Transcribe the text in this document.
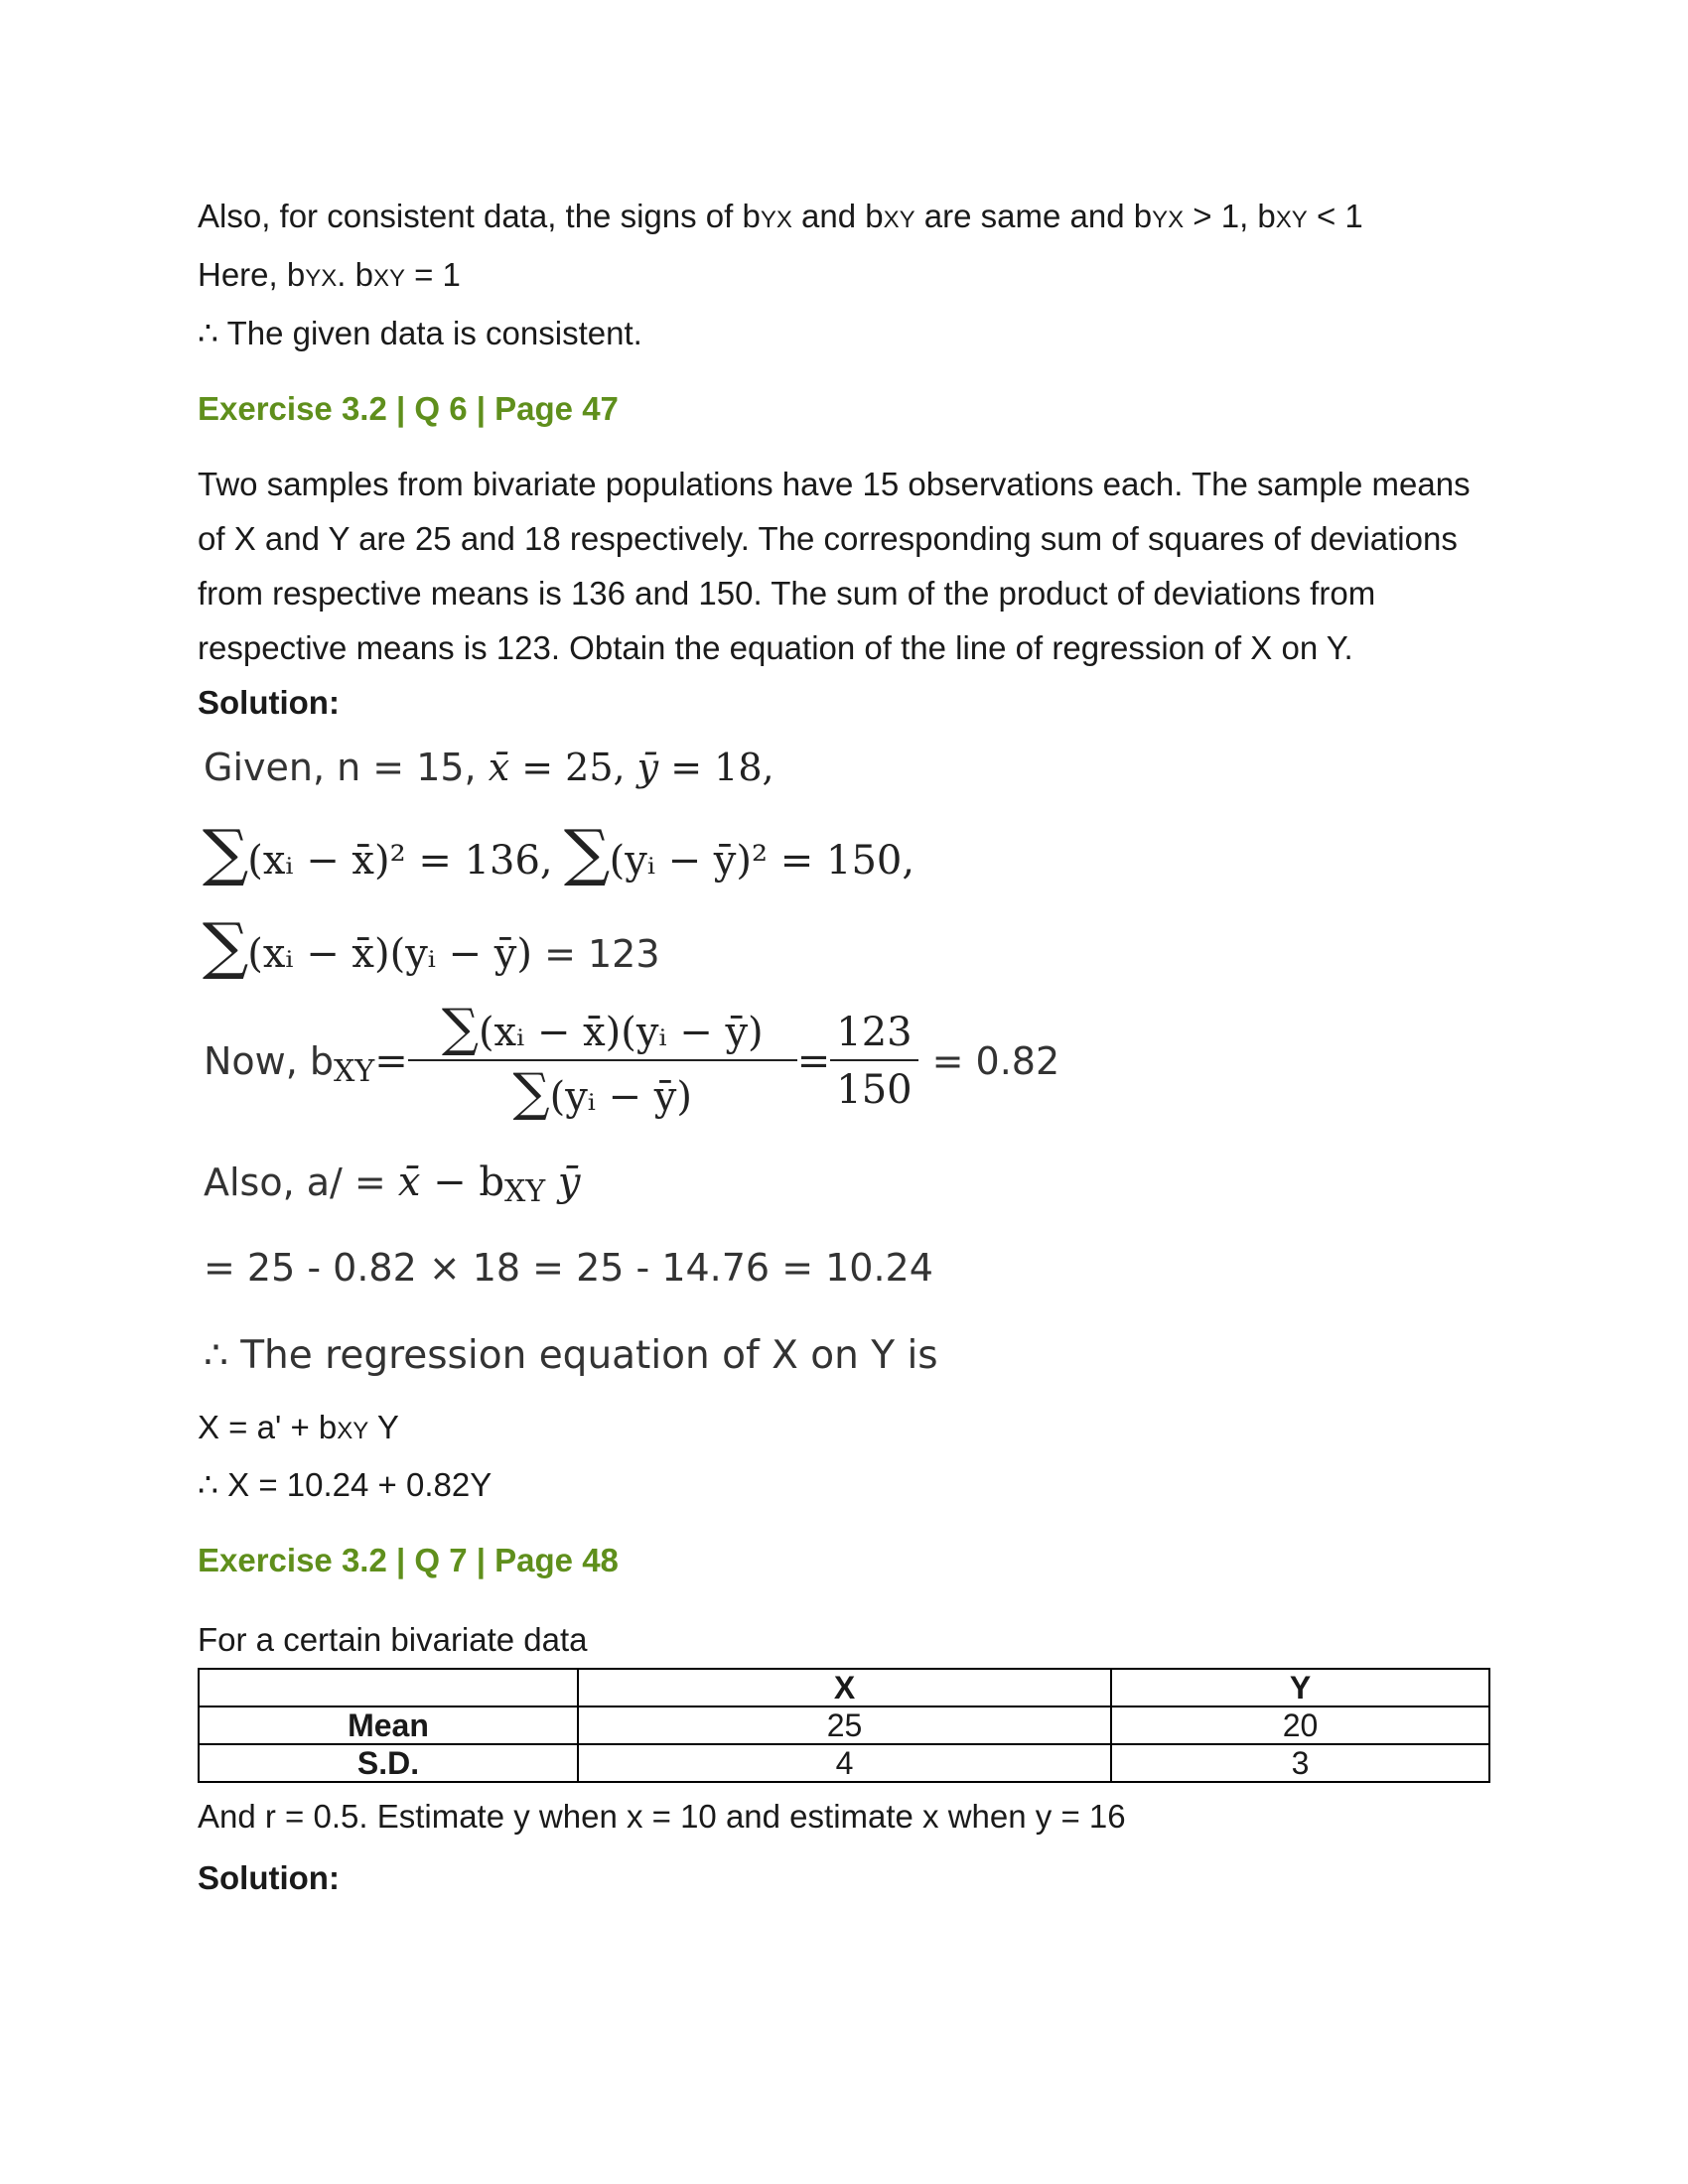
Also, for consistent data, the signs of bYX and bXY are same and bYX > 1, bXY < 1
Here, bYX. bXY = 1
∴ The given data is consistent.
Exercise 3.2 | Q 6 | Page 47
Two samples from bivariate populations have 15 observations each. The sample means
of X and Y are 25 and 18 respectively. The corresponding sum of squares of deviations
from respective means is 136 and 150. The sum of the product of deviations from
respective means is 123. Obtain the equation of the line of regression of X on Y.
Solution:
Given, n = 15, x̄ = 25, ȳ = 18,
∑(xᵢ − x̄)² = 136, ∑(yᵢ − ȳ)² = 150,
∑(xᵢ − x̄)(yᵢ − ȳ) = 123
Now, b XY = $\frac{\text{∑(xᵢ − x̄)(yᵢ − ȳ)}}{\text{∑(yᵢ − ȳ)}} = \frac{123}{150} = 0.82$
Also, a/ = x̄ − bXY ȳ
= 25 - 0.82 × 18 = 25 - 14.76 = 10.24
∴ The regression equation of X on Y is
X = a' + bXY Y
∴ X = 10.24 + 0.82Y
Exercise 3.2 | Q 7 | Page 48
For a certain bivariate data
	X	Y
Mean	25	20
S.D.	4	3
And r = 0.5. Estimate y when x = 10 and estimate x when y = 16
Solution:
